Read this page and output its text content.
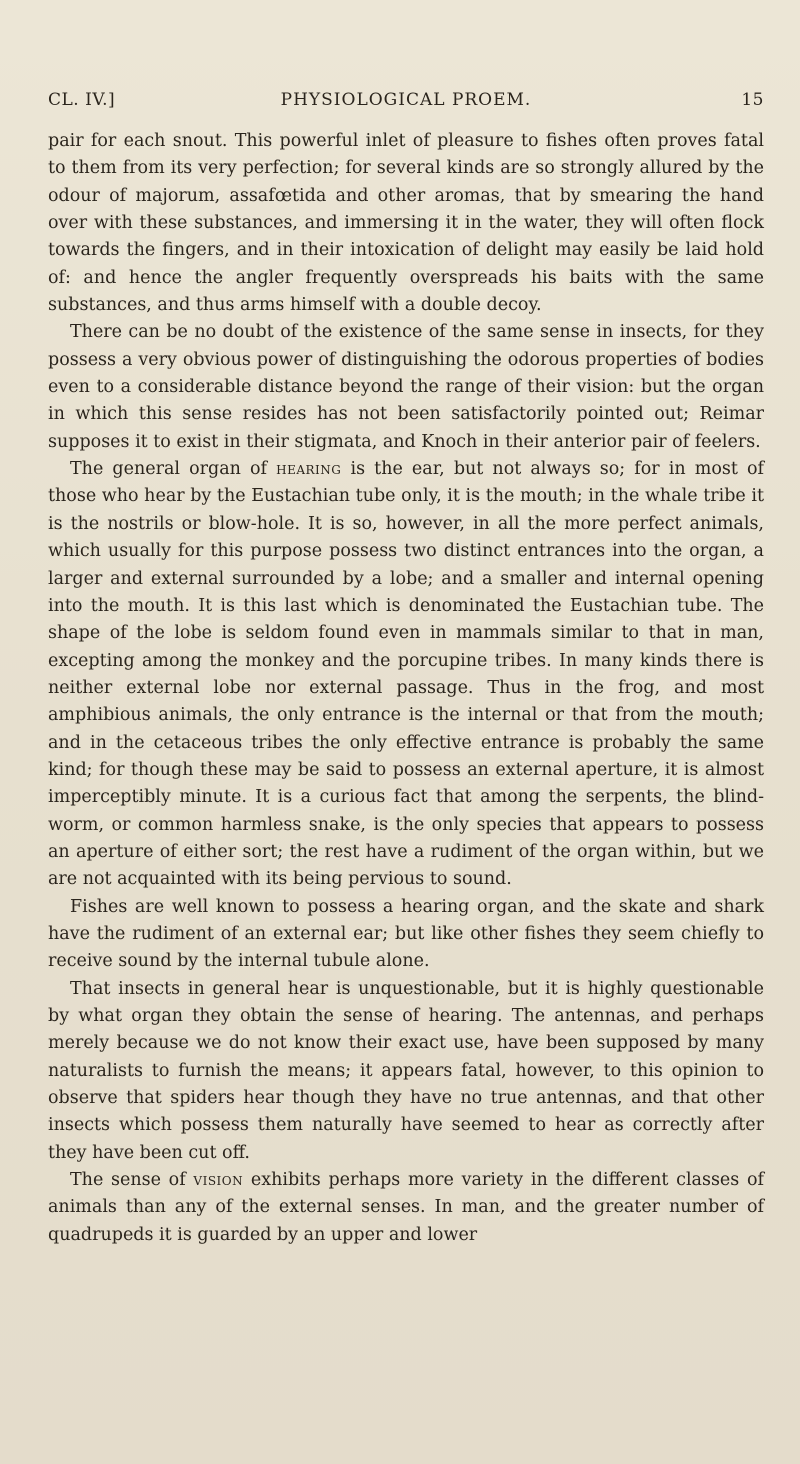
CL. IV.]	PHYSIOLOGICAL PROEM.	15

pair for each snout. This powerful inlet of pleasure to fishes often proves fatal to them from its very perfection; for several kinds are so strongly allured by the odour of majorum, assafœtida and other aromas, that by smearing the hand over with these substances, and immersing it in the water, they will often flock towards the fingers, and in their intoxication of delight may easily be laid hold of: and hence the angler frequently overspreads his baits with the same substances, and thus arms himself with a double decoy.

There can be no doubt of the existence of the same sense in insects, for they possess a very obvious power of distinguishing the odorous properties of bodies even to a considerable distance beyond the range of their vision: but the organ in which this sense resides has not been satisfactorily pointed out; Reimar supposes it to exist in their stigmata, and Knoch in their anterior pair of feelers.

The general organ of hearing is the ear, but not always so; for in most of those who hear by the Eustachian tube only, it is the mouth; in the whale tribe it is the nostrils or blow-hole. It is so, however, in all the more perfect animals, which usually for this purpose possess two distinct entrances into the organ, a larger and external surrounded by a lobe; and a smaller and internal opening into the mouth. It is this last which is denominated the Eustachian tube. The shape of the lobe is seldom found even in mammals similar to that in man, excepting among the monkey and the porcupine tribes. In many kinds there is neither external lobe nor external passage. Thus in the frog, and most amphibious animals, the only entrance is the internal or that from the mouth; and in the cetaceous tribes the only effective entrance is probably the same kind; for though these may be said to possess an external aperture, it is almost imperceptibly minute. It is a curious fact that among the serpents, the blind-worm, or common harmless snake, is the only species that appears to possess an aperture of either sort; the rest have a rudiment of the organ within, but we are not acquainted with its being pervious to sound.

Fishes are well known to possess a hearing organ, and the skate and shark have the rudiment of an external ear; but like other fishes they seem chiefly to receive sound by the internal tubule alone.

That insects in general hear is unquestionable, but it is highly questionable by what organ they obtain the sense of hearing. The antennas, and perhaps merely because we do not know their exact use, have been supposed by many naturalists to furnish the means; it appears fatal, however, to this opinion to observe that spiders hear though they have no true antennas, and that other insects which possess them naturally have seemed to hear as correctly after they have been cut off.

The sense of vision exhibits perhaps more variety in the different classes of animals than any of the external senses. In man, and the greater number of quadrupeds it is guarded by an upper and lower
